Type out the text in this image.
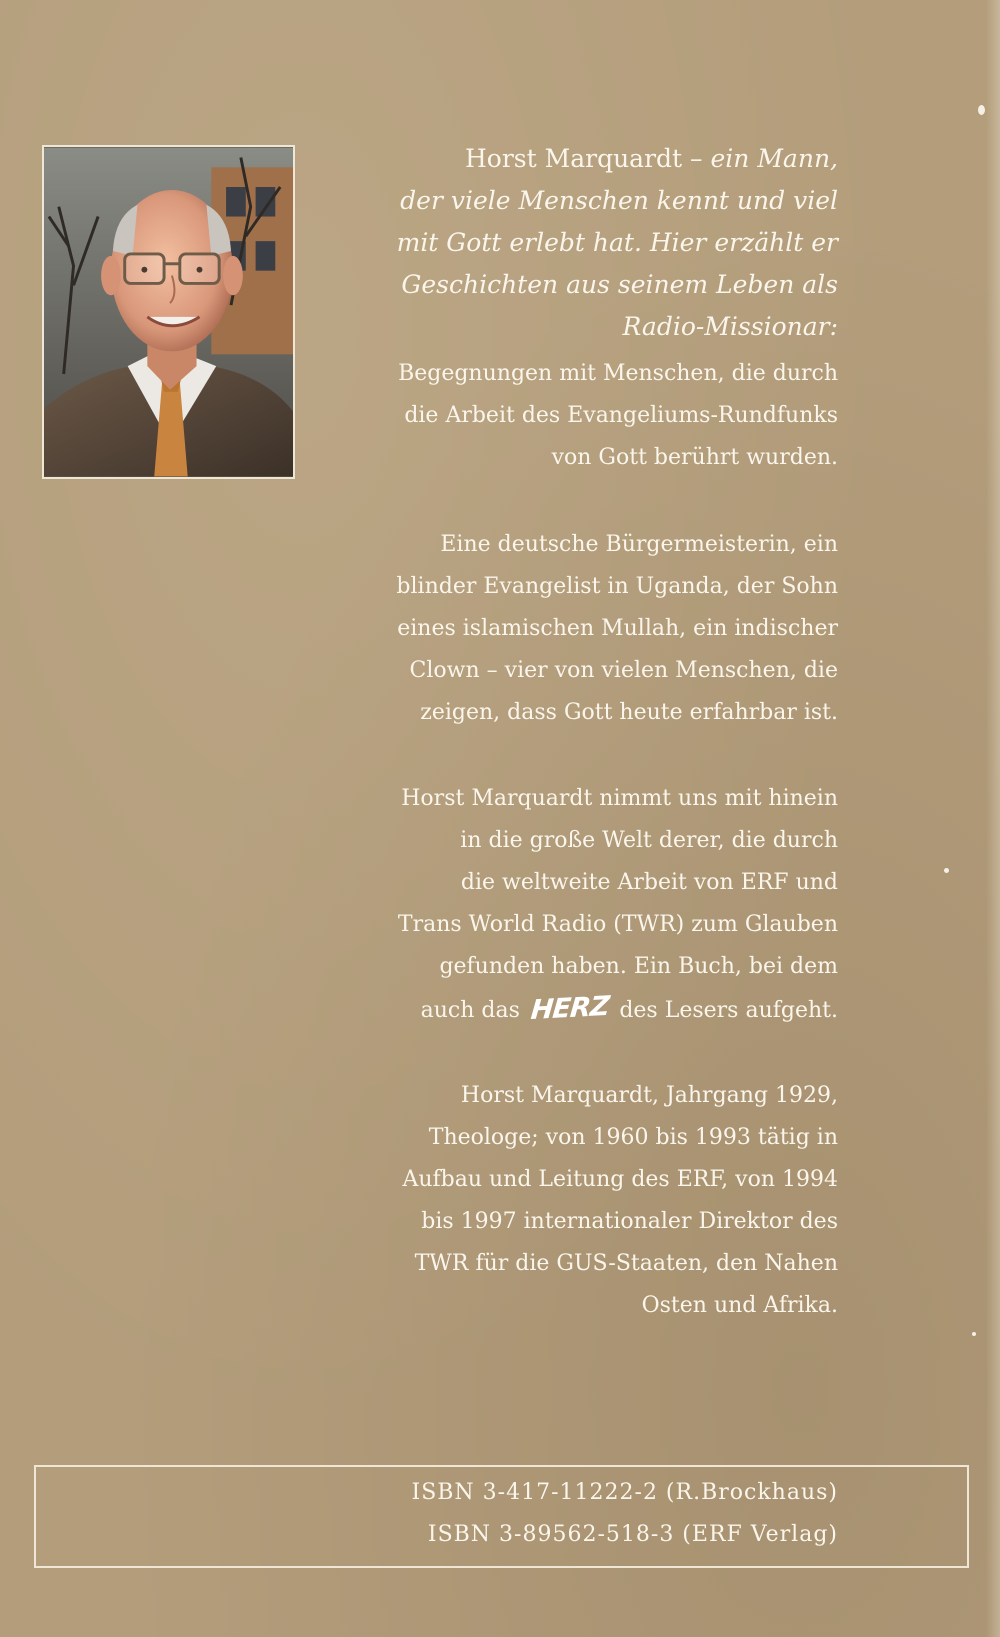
Horst Marquardt – ein Mann,
der viele Menschen kennt und viel
mit Gott erlebt hat. Hier erzählt er
Geschichten aus seinem Leben als
Radio-Missionar:
Begegnungen mit Menschen, die durch
die Arbeit des Evangeliums-Rundfunks
von Gott berührt wurden.
Eine deutsche Bürgermeisterin, ein
blinder Evangelist in Uganda, der Sohn
eines islamischen Mullah, ein indischer
Clown – vier von vielen Menschen, die
zeigen, dass Gott heute erfahrbar ist.
Horst Marquardt nimmt uns mit hinein
in die große Welt derer, die durch
die weltweite Arbeit von ERF und
Trans World Radio (TWR) zum Glauben
gefunden haben. Ein Buch, bei dem
auch das HERZ des Lesers aufgeht.
Horst Marquardt, Jahrgang 1929,
Theologe; von 1960 bis 1993 tätig in
Aufbau und Leitung des ERF, von 1994
bis 1997 internationaler Direktor des
TWR für die GUS-Staaten, den Nahen
Osten und Afrika.
ISBN 3-417-11222-2 (R.Brockhaus)
ISBN 3-89562-518-3 (ERF Verlag)
